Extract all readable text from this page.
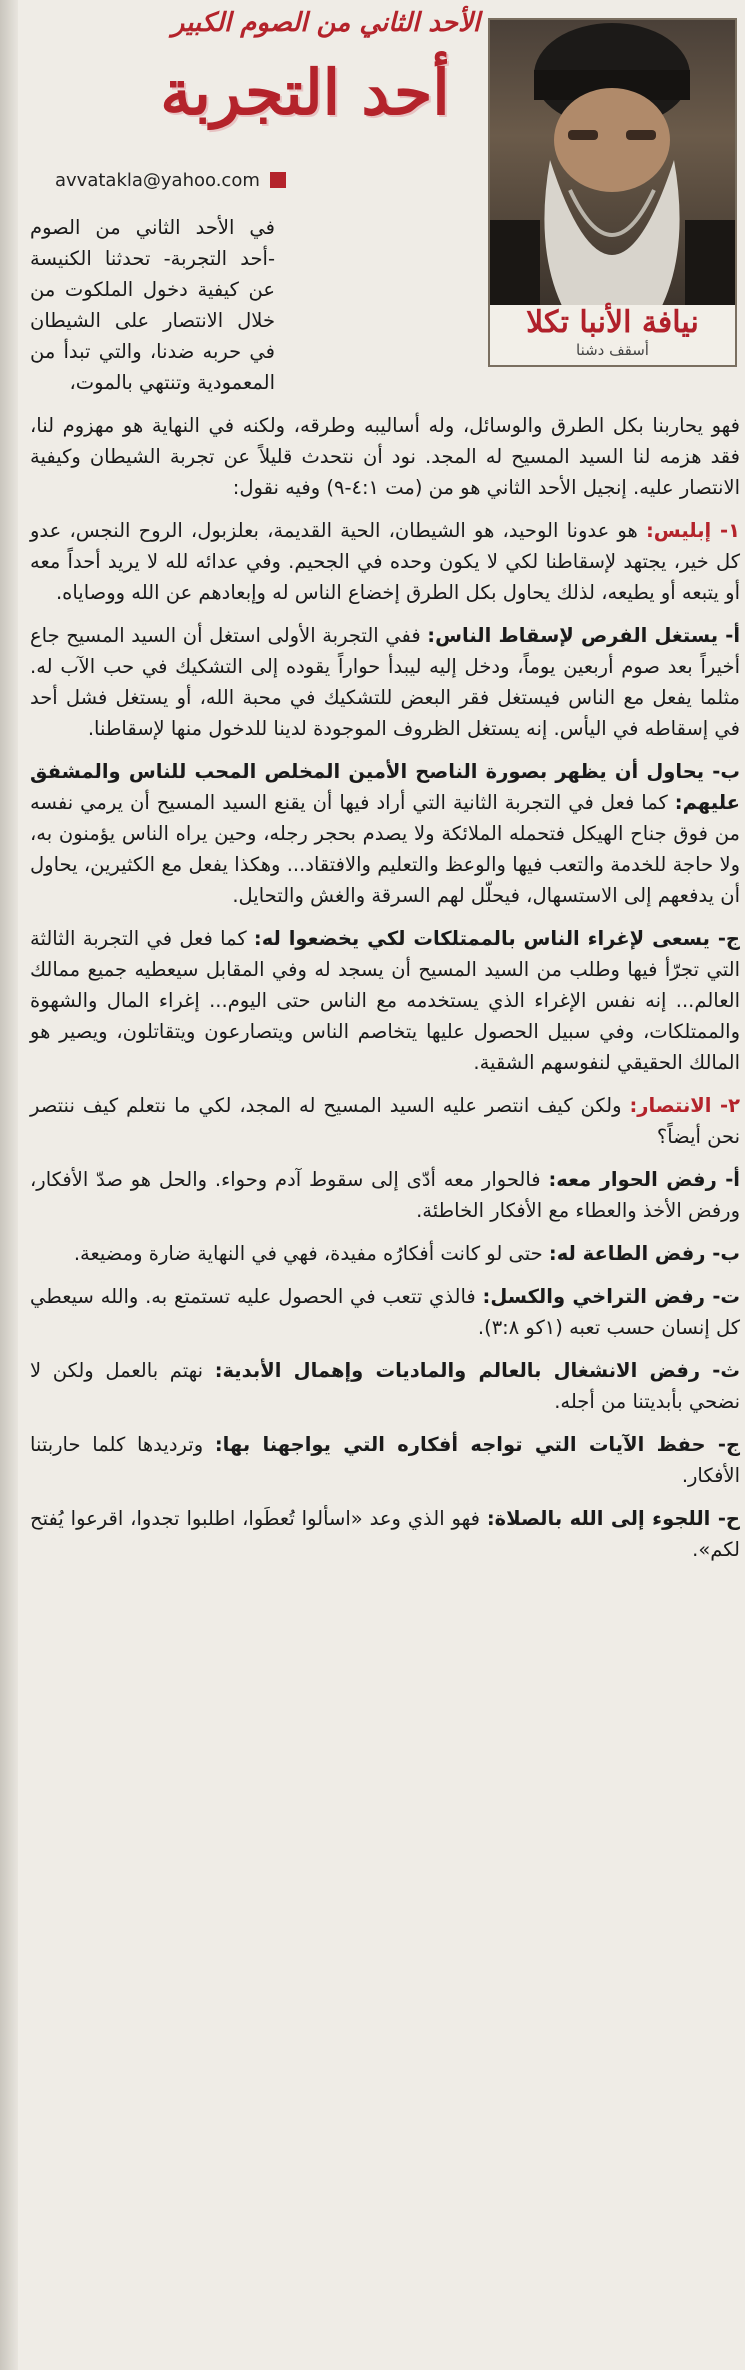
الأحد الثاني من الصوم الكبير
أحد التجربة
نيافة الأنبا تكلا
أسقف دشنا
avvatakla@yahoo.com

في الأحد الثاني من الصوم -أحد التجربة- تحدثنا الكنيسة عن كيفية دخول الملكوت من خلال الانتصار على الشيطان في حربه ضدنا، والتي تبدأ من المعمودية وتنتهي بالموت،

فهو يحاربنا بكل الطرق والوسائل، وله أساليبه وطرقه، ولكنه في النهاية هو مهزوم لنا، فقد هزمه لنا السيد المسيح له المجد. نود أن نتحدث قليلاً عن تجربة الشيطان وكيفية الانتصار عليه. إنجيل الأحد الثاني هو من (مت ٤:١-٩) وفيه نقول:

١- إبليس: هو عدونا الوحيد، هو الشيطان، الحية القديمة، بعلزبول، الروح النجس، عدو كل خير، يجتهد لإسقاطنا لكي لا يكون وحده في الجحيم. وفي عدائه لله لا يريد أحداً معه أو يتبعه أو يطيعه، لذلك يحاول بكل الطرق إخضاع الناس له وإبعادهم عن الله ووصاياه.

أ- يستغل الفرص لإسقاط الناس: ففي التجربة الأولى استغل أن السيد المسيح جاع أخيراً بعد صوم أربعين يوماً، ودخل إليه ليبدأ حواراً يقوده إلى التشكيك في حب الآب له. مثلما يفعل مع الناس فيستغل فقر البعض للتشكيك في محبة الله، أو يستغل فشل أحد في إسقاطه في اليأس. إنه يستغل الظروف الموجودة لدينا للدخول منها لإسقاطنا.

ب- يحاول أن يظهر بصورة الناصح الأمين المخلص المحب للناس والمشفق عليهم: كما فعل في التجربة الثانية التي أراد فيها أن يقنع السيد المسيح أن يرمي نفسه من فوق جناح الهيكل فتحمله الملائكة ولا يصدم بحجر رجله، وحين يراه الناس يؤمنون به، ولا حاجة للخدمة والتعب فيها والوعظ والتعليم والافتقاد... وهكذا يفعل مع الكثيرين، يحاول أن يدفعهم إلى الاستسهال، فيحلّل لهم السرقة والغش والتحايل.

ج- يسعى لإغراء الناس بالممتلكات لكي يخضعوا له: كما فعل في التجربة الثالثة التي تجرّأ فيها وطلب من السيد المسيح أن يسجد له وفي المقابل سيعطيه جميع ممالك العالم... إنه نفس الإغراء الذي يستخدمه مع الناس حتى اليوم... إغراء المال والشهوة والممتلكات، وفي سبيل الحصول عليها يتخاصم الناس ويتصارعون ويتقاتلون، ويصير هو المالك الحقيقي لنفوسهم الشقية.

٢- الانتصار: ولكن كيف انتصر عليه السيد المسيح له المجد، لكي ما نتعلم كيف ننتصر نحن أيضاً؟

أ- رفض الحوار معه: فالحوار معه أدّى إلى سقوط آدم وحواء. والحل هو صدّ الأفكار، ورفض الأخذ والعطاء مع الأفكار الخاطئة.

ب- رفض الطاعة له: حتى لو كانت أفكارُه مفيدة، فهي في النهاية ضارة ومضيعة.

ت- رفض التراخي والكسل: فالذي تتعب في الحصول عليه تستمتع به. والله سيعطي كل إنسان حسب تعبه (١كو ٣:٨).

ث- رفض الانشغال بالعالم والماديات وإهمال الأبدية: نهتم بالعمل ولكن لا نضحي بأبديتنا من أجله.

ج- حفظ الآيات التي تواجه أفكاره التي يواجهنا بها: وترديدها كلما حاربتنا الأفكار.

ح- اللجوء إلى الله بالصلاة: فهو الذي وعد «اسألوا تُعطَوا، اطلبوا تجدوا، اقرعوا يُفتح لكم».
